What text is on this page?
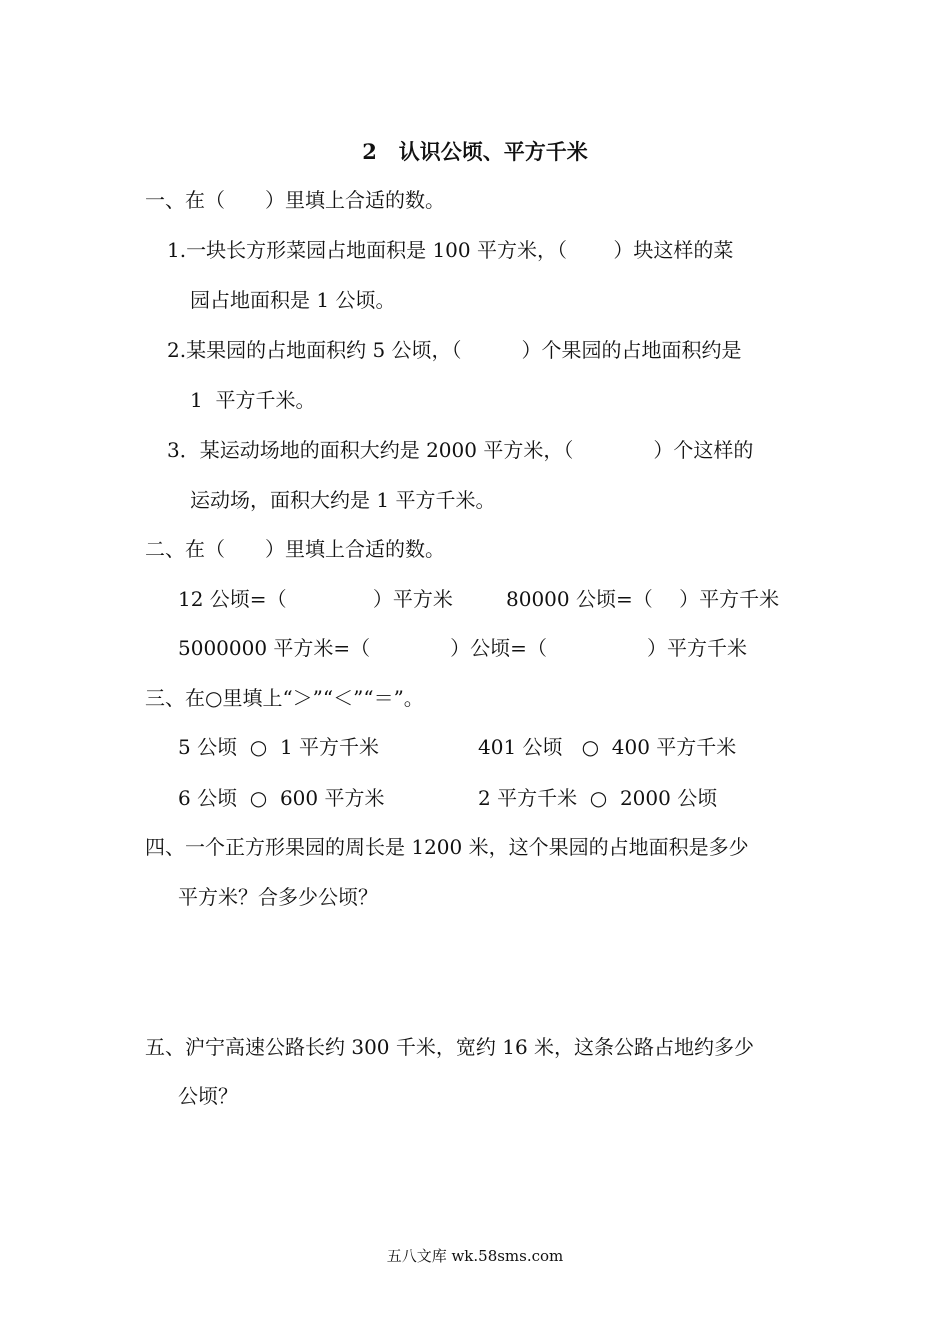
2   认识公顷、平方千米
一、在（　　）里填上合适的数。
1.一块长方形菜园占地面积是 100 平方米，（　　 ）块这样的菜
园占地面积是 1 公顷。
2.某果园的占地面积约 5 公顷，（　　　）个果园的占地面积约是
1  平方千米。
3．某运动场地的面积大约是 2000 平方米，（　　　　）个这样的
运动场，面积大约是 1 平方千米。
二、在（　　）里填上合适的数。
12 公顷=（　　　　 ）平方米	80000 公顷=（　 ）平方千米
5000000 平方米=（　　　　）公顷=（　　　　　）平方千米
三、在○里填上“＞”“＜”“＝”。
5 公顷  ○  1 平方千米	401 公顷   ○  400 平方千米
6 公顷  ○  600 平方米	2 平方千米  ○  2000 公顷
四、一个正方形果园的周长是 1200 米，这个果园的占地面积是多少
平方米？合多少公顷？
五、沪宁高速公路长约 300 千米，宽约 16 米，这条公路占地约多少
公顷？
五八文库 wk.58sms.com
